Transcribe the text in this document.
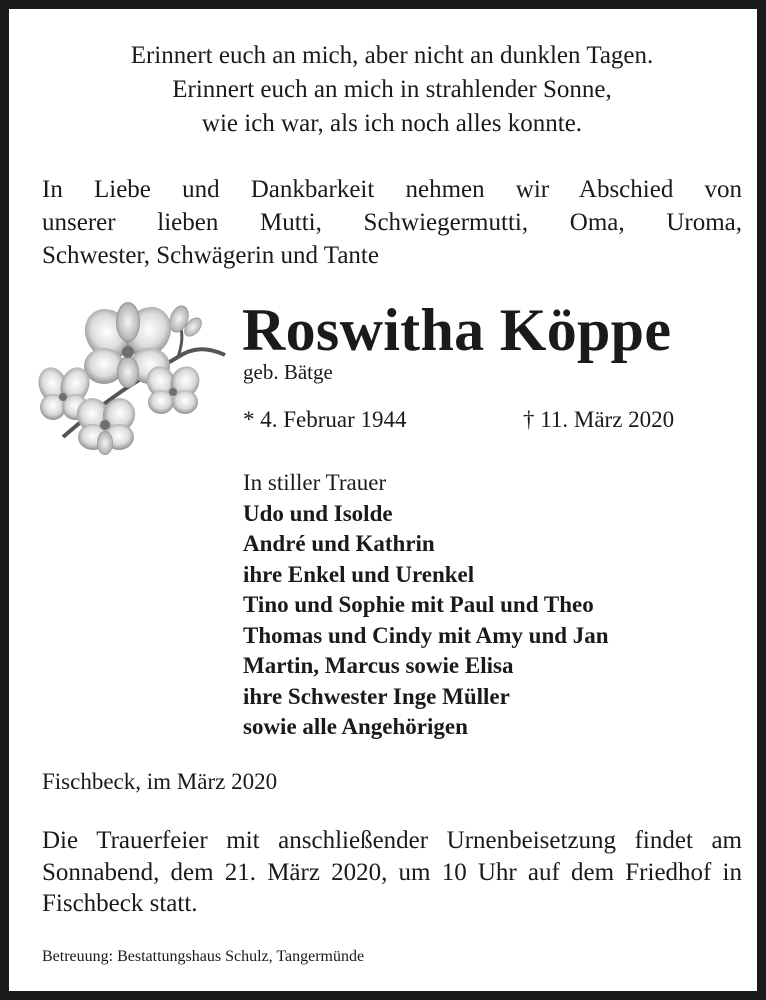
Erinnert euch an mich, aber nicht an dunklen Tagen.
Erinnert euch an mich in strahlender Sonne,
wie ich war, als ich noch alles konnte.
In Liebe und Dankbarkeit nehmen wir Abschied von
unserer lieben Mutti, Schwiegermutti, Oma, Uroma,
Schwester, Schwägerin und Tante
Roswitha Köppe
geb. Bätge
* 4. Februar 1944	† 11. März 2020
In stiller Trauer
Udo und Isolde
André und Kathrin
ihre Enkel und Urenkel
Tino und Sophie mit Paul und Theo
Thomas und Cindy mit Amy und Jan
Martin, Marcus sowie Elisa
ihre Schwester Inge Müller
sowie alle Angehörigen
Fischbeck, im März 2020
Die Trauerfeier mit anschließender Urnenbeisetzung findet am
Sonnabend, dem 21. März 2020, um 10 Uhr auf dem Friedhof in
Fischbeck statt.
Betreuung: Bestattungshaus Schulz, Tangermünde
